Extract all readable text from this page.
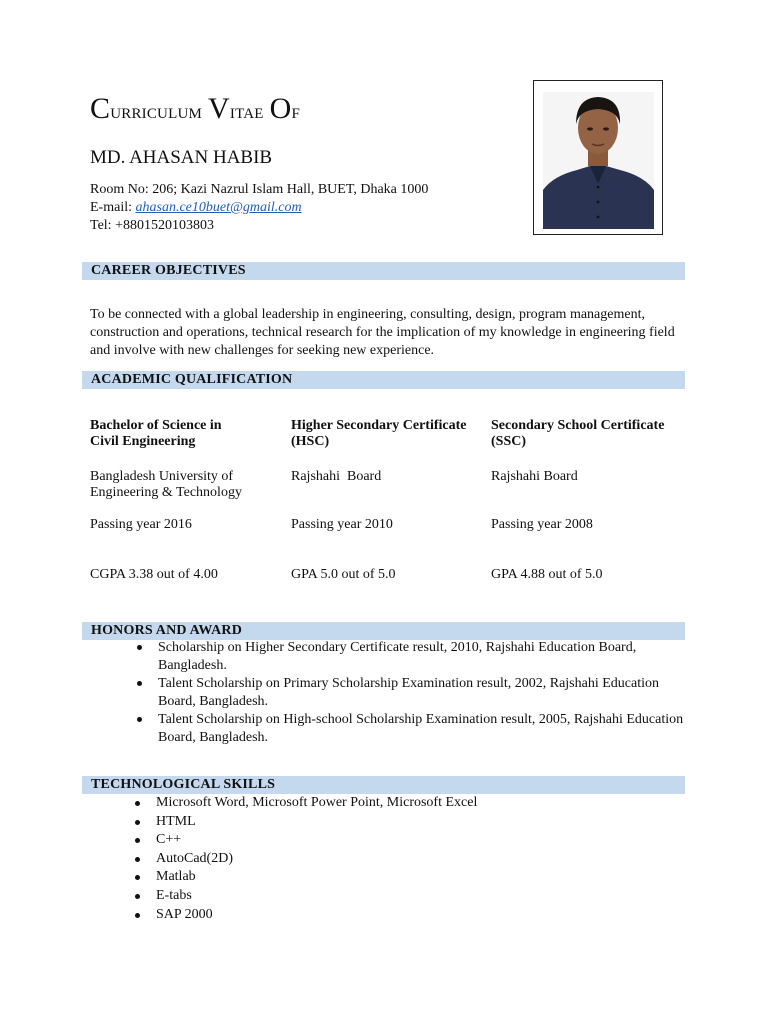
Curriculum Vitae Of
MD. AHASAN HABIB
Room No: 206; Kazi Nazrul Islam Hall, BUET, Dhaka 1000
E-mail: ahasan.ce10buet@gmail.com
Tel: +8801520103803
CAREER OBJECTIVES
To be connected with a global leadership in engineering, consulting, design, program management, construction and operations, technical research for the implication of my knowledge in engineering field and involve with new challenges for seeking new experience.
ACADEMIC QUALIFICATION
Bachelor of Science in
Civil Engineering
Bangladesh University of
Engineering & Technology
Passing year 2016
CGPA 3.38 out of 4.00
Higher Secondary Certificate
(HSC)
Rajshahi  Board
Passing year 2010
GPA 5.0 out of 5.0
Secondary School Certificate
(SSC)
Rajshahi Board
Passing year 2008
GPA 4.88 out of 5.0
HONORS AND AWARD
Scholarship on Higher Secondary Certificate result, 2010, Rajshahi Education Board,
Bangladesh.
Talent Scholarship on Primary Scholarship Examination result, 2002, Rajshahi Education
Board, Bangladesh.
Talent Scholarship on High-school Scholarship Examination result, 2005, Rajshahi Education
Board, Bangladesh.
TECHNOLOGICAL SKILLS
Microsoft Word, Microsoft Power Point, Microsoft Excel
HTML
C++
AutoCad(2D)
Matlab
E-tabs
SAP 2000
